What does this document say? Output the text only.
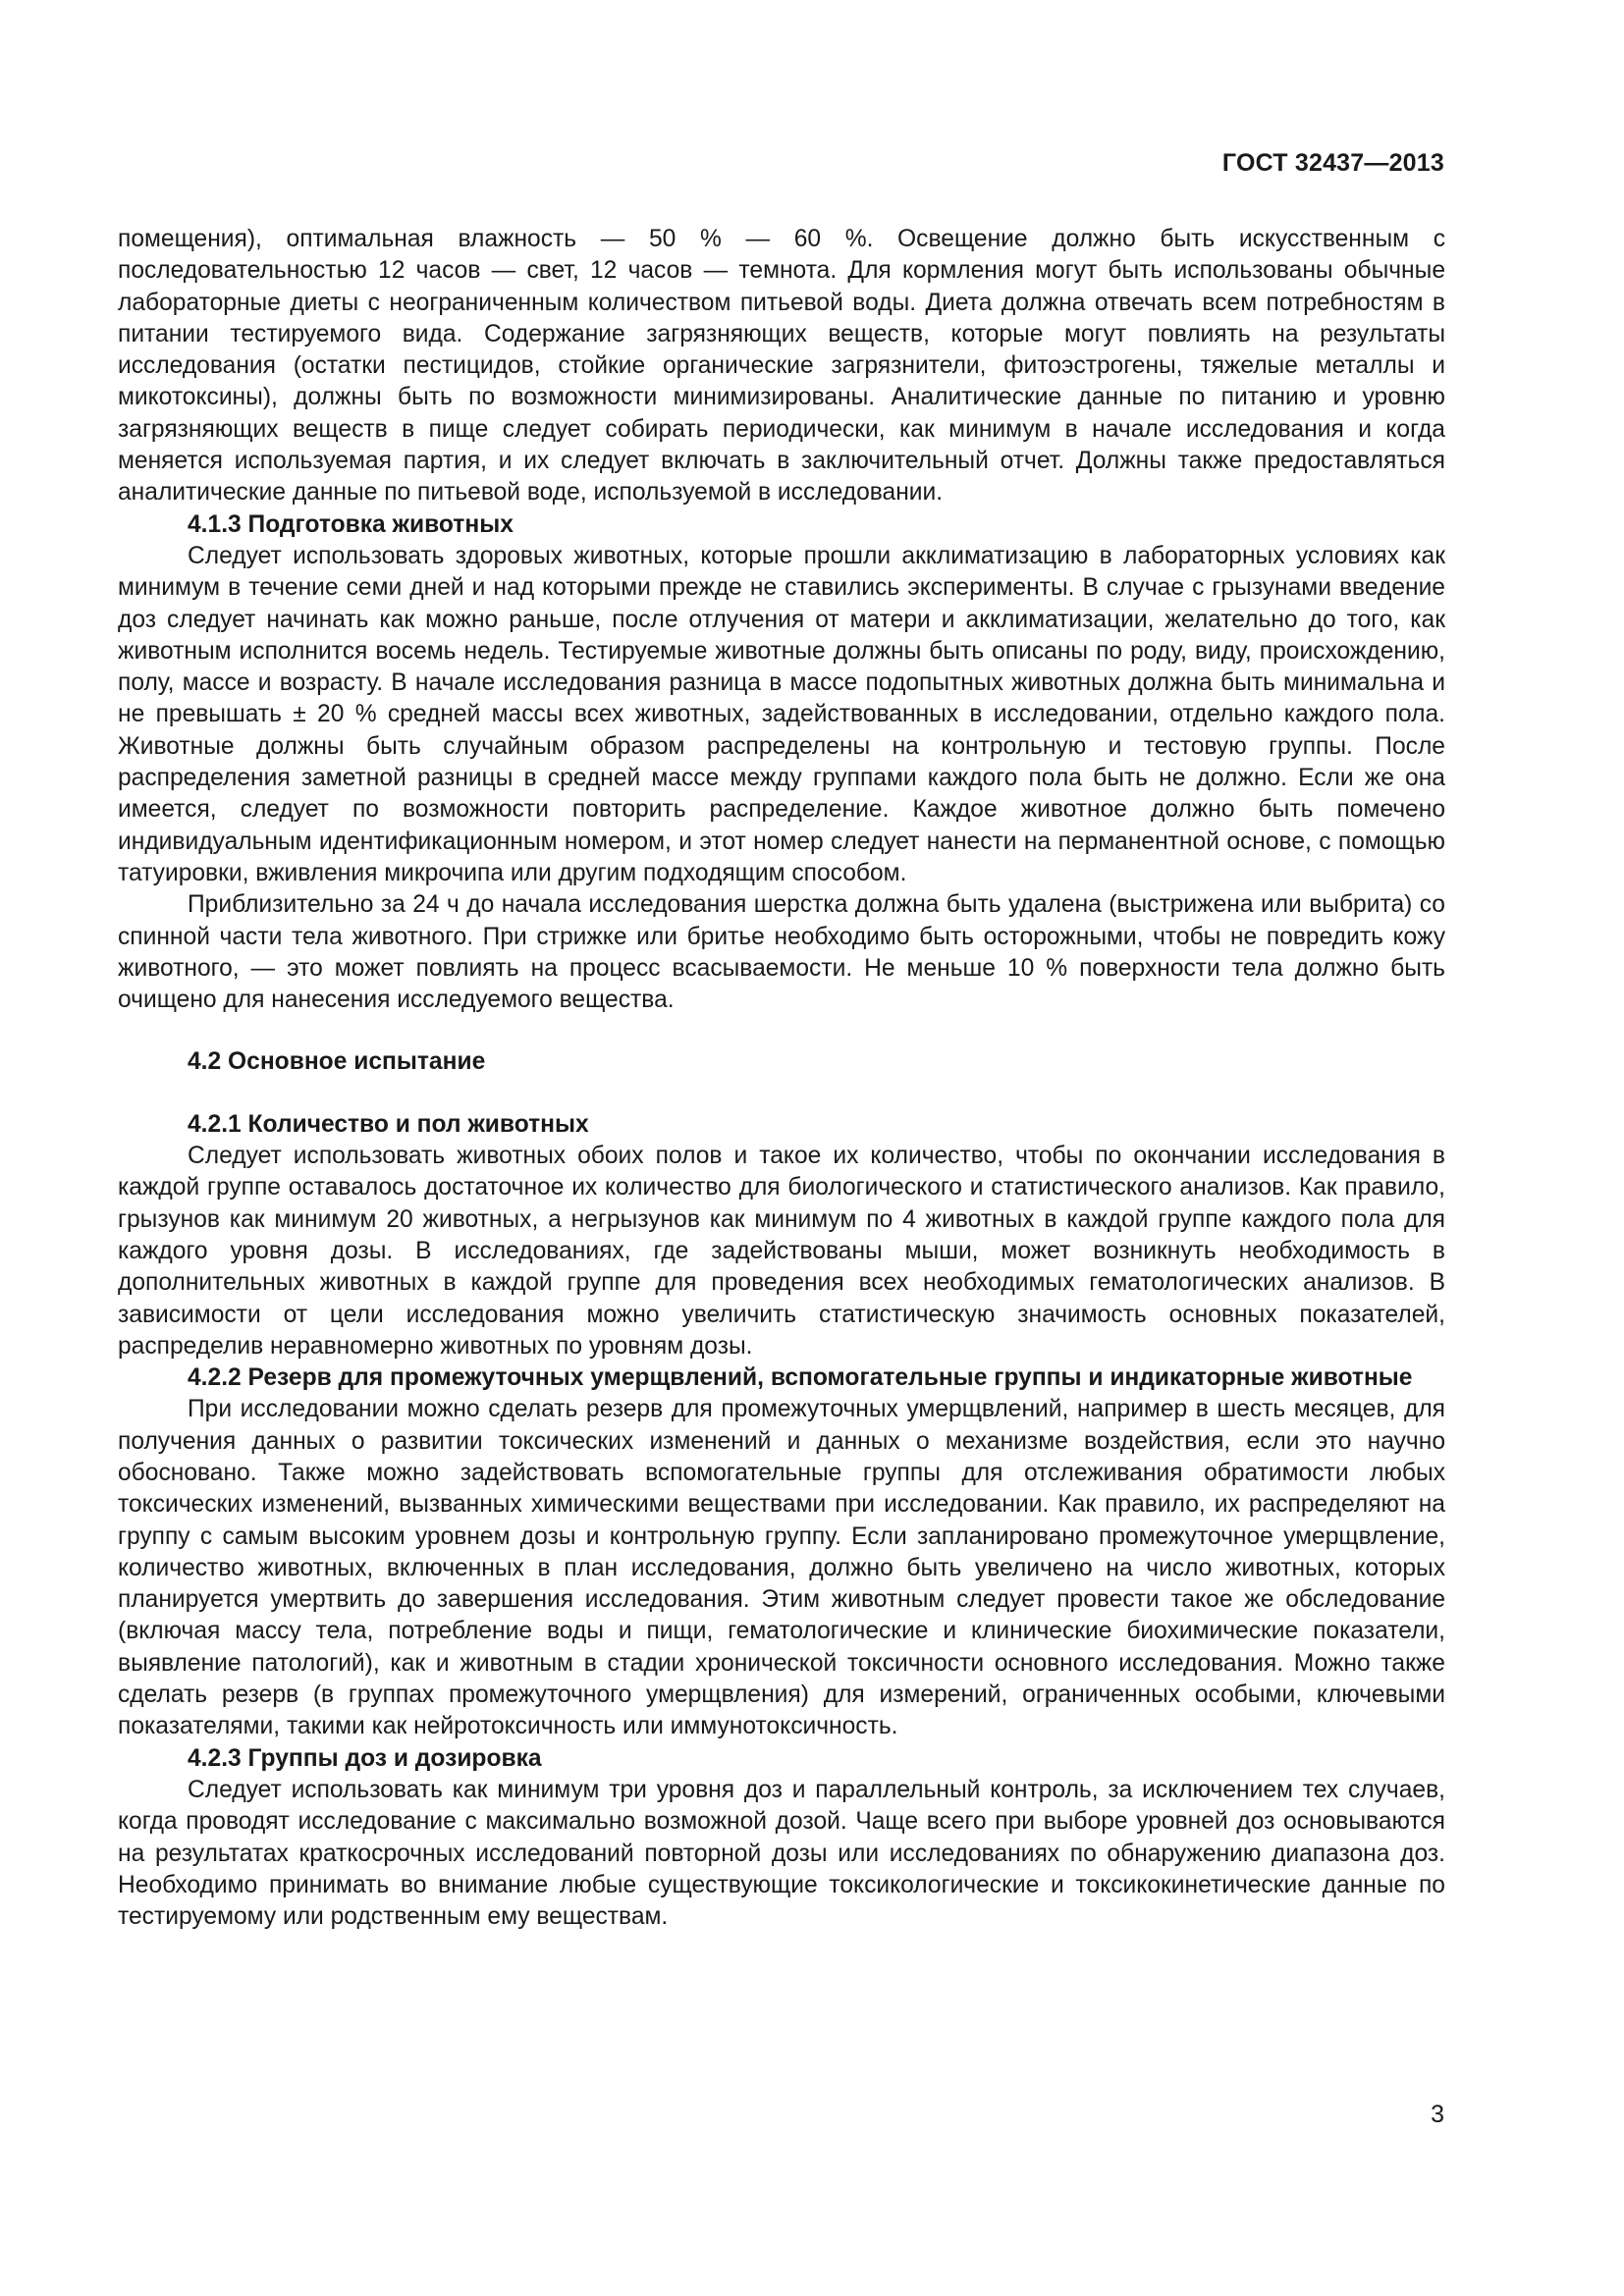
ГОСТ 32437—2013

помещения), оптимальная влажность — 50 % — 60 %. Освещение должно быть искусственным с последовательностью 12 часов — свет, 12 часов — темнота. Для кормления могут быть использованы обычные лабораторные диеты с неограниченным количеством питьевой воды. Диета должна отвечать всем потребностям в питании тестируемого вида. Содержание загрязняющих веществ, которые могут повлиять на результаты исследования (остатки пестицидов, стойкие органические загрязнители, фитоэстрогены, тяжелые металлы и микотоксины), должны быть по возможности минимизированы. Аналитические данные по питанию и уровню загрязняющих веществ в пище следует собирать периодически, как минимум в начале исследования и когда меняется используемая партия, и их следует включать в заключительный отчет. Должны также предоставляться аналитические данные по питьевой воде, используемой в исследовании.

4.1.3 Подготовка животных

Следует использовать здоровых животных, которые прошли акклиматизацию в лабораторных условиях как минимум в течение семи дней и над которыми прежде не ставились эксперименты. В случае с грызунами введение доз следует начинать как можно раньше, после отлучения от матери и акклиматизации, желательно до того, как животным исполнится восемь недель. Тестируемые животные должны быть описаны по роду, виду, происхождению, полу, массе и возрасту. В начале исследования разница в массе подопытных животных должна быть минимальна и не превышать ± 20 % средней массы всех животных, задействованных в исследовании, отдельно каждого пола. Животные должны быть случайным образом распределены на контрольную и тестовую группы. После распределения заметной разницы в средней массе между группами каждого пола быть не должно. Если же она имеется, следует по возможности повторить распределение. Каждое животное должно быть помечено индивидуальным идентификационным номером, и этот номер следует нанести на перманентной основе, с помощью татуировки, вживления микрочипа или другим подходящим способом.

Приблизительно за 24 ч до начала исследования шерстка должна быть удалена (выстрижена или выбрита) со спинной части тела животного. При стрижке или бритье необходимо быть осторожными, чтобы не повредить кожу животного, — это может повлиять на процесс всасываемости. Не меньше 10 % поверхности тела должно быть очищено для нанесения исследуемого вещества.

4.2 Основное испытание

4.2.1 Количество и пол животных

Следует использовать животных обоих полов и такое их количество, чтобы по окончании исследования в каждой группе оставалось достаточное их количество для биологического и статистического анализов. Как правило, грызунов как минимум 20 животных, а негрызунов как минимум по 4 животных в каждой группе каждого пола для каждого уровня дозы. В исследованиях, где задействованы мыши, может возникнуть необходимость в дополнительных животных в каждой группе для проведения всех необходимых гематологических анализов. В зависимости от цели исследования можно увеличить статистическую значимость основных показателей, распределив неравномерно животных по уровням дозы.

4.2.2 Резерв для промежуточных умерщвлений, вспомогательные группы и индикаторные животные

При исследовании можно сделать резерв для промежуточных умерщвлений, например в шесть месяцев, для получения данных о развитии токсических изменений и данных о механизме воздействия, если это научно обосновано. Также можно задействовать вспомогательные группы для отслеживания обратимости любых токсических изменений, вызванных химическими веществами при исследовании. Как правило, их распределяют на группу с самым высоким уровнем дозы и контрольную группу. Если запланировано промежуточное умерщвление, количество животных, включенных в план исследования, должно быть увеличено на число животных, которых планируется умертвить до завершения исследования. Этим животным следует провести такое же обследование (включая массу тела, потребление воды и пищи, гематологические и клинические биохимические показатели, выявление патологий), как и животным в стадии хронической токсичности основного исследования. Можно также сделать резерв (в группах промежуточного умерщвления) для измерений, ограниченных особыми, ключевыми показателями, такими как нейротоксичность или иммунотоксичность.

4.2.3 Группы доз и дозировка

Следует использовать как минимум три уровня доз и параллельный контроль, за исключением тех случаев, когда проводят исследование с максимально возможной дозой. Чаще всего при выборе уровней доз основываются на результатах краткосрочных исследований повторной дозы или исследованиях по обнаружению диапазона доз. Необходимо принимать во внимание любые существующие токсикологические и токсикокинетические данные по тестируемому или родственным ему веществам.

3
